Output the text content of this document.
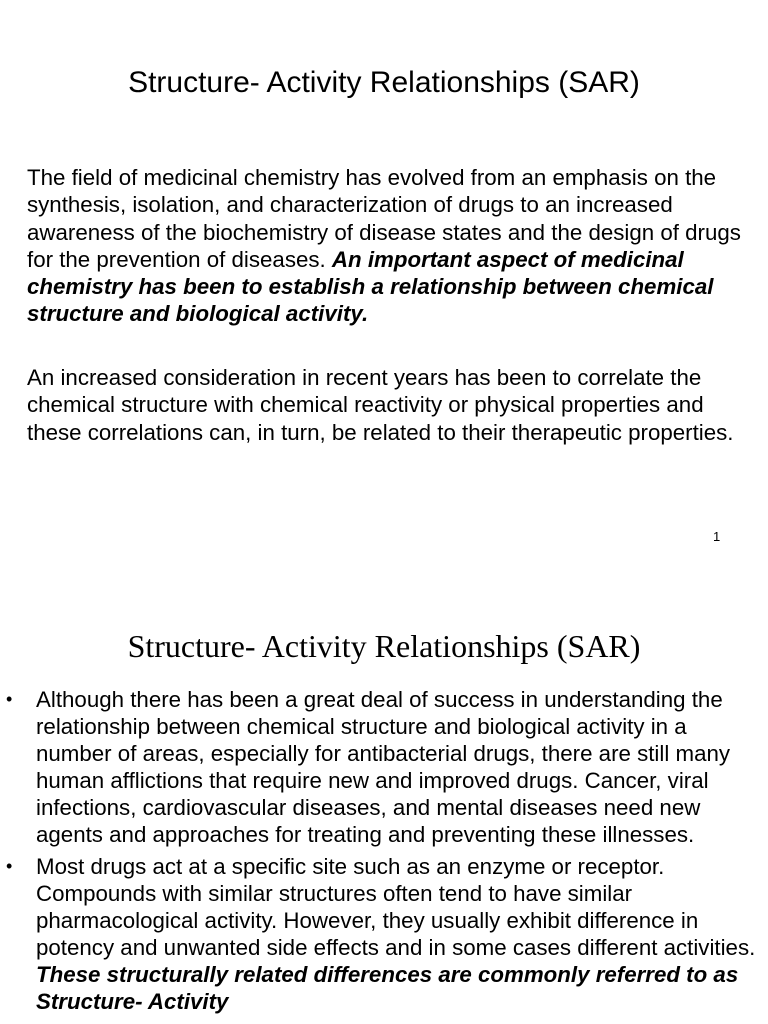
Structure- Activity Relationships (SAR)

The field of medicinal chemistry has evolved from an emphasis on the synthesis, isolation, and characterization of drugs to an increased awareness of the biochemistry of disease states and the design of drugs for the prevention of diseases. An important aspect of medicinal chemistry has been to establish a relationship between chemical structure and biological activity.

An increased consideration in recent years has been to correlate the chemical structure with chemical reactivity or physical properties and these correlations can, in turn, be related to their therapeutic properties.

1

Structure- Activity Relationships (SAR)
• Although there has been a great deal of success in understanding the relationship between chemical structure and biological activity in a number of areas, especially for antibacterial drugs, there are still many human afflictions that require new and improved drugs. Cancer, viral infections, cardiovascular diseases, and mental diseases need new agents and approaches for treating and preventing these illnesses.
• Most drugs act at a specific site such as an enzyme or receptor. Compounds with similar structures often tend to have similar pharmacological activity. However, they usually exhibit difference in potency and unwanted side effects and in some cases different activities. These structurally related differences are commonly referred to as Structure- Activity
